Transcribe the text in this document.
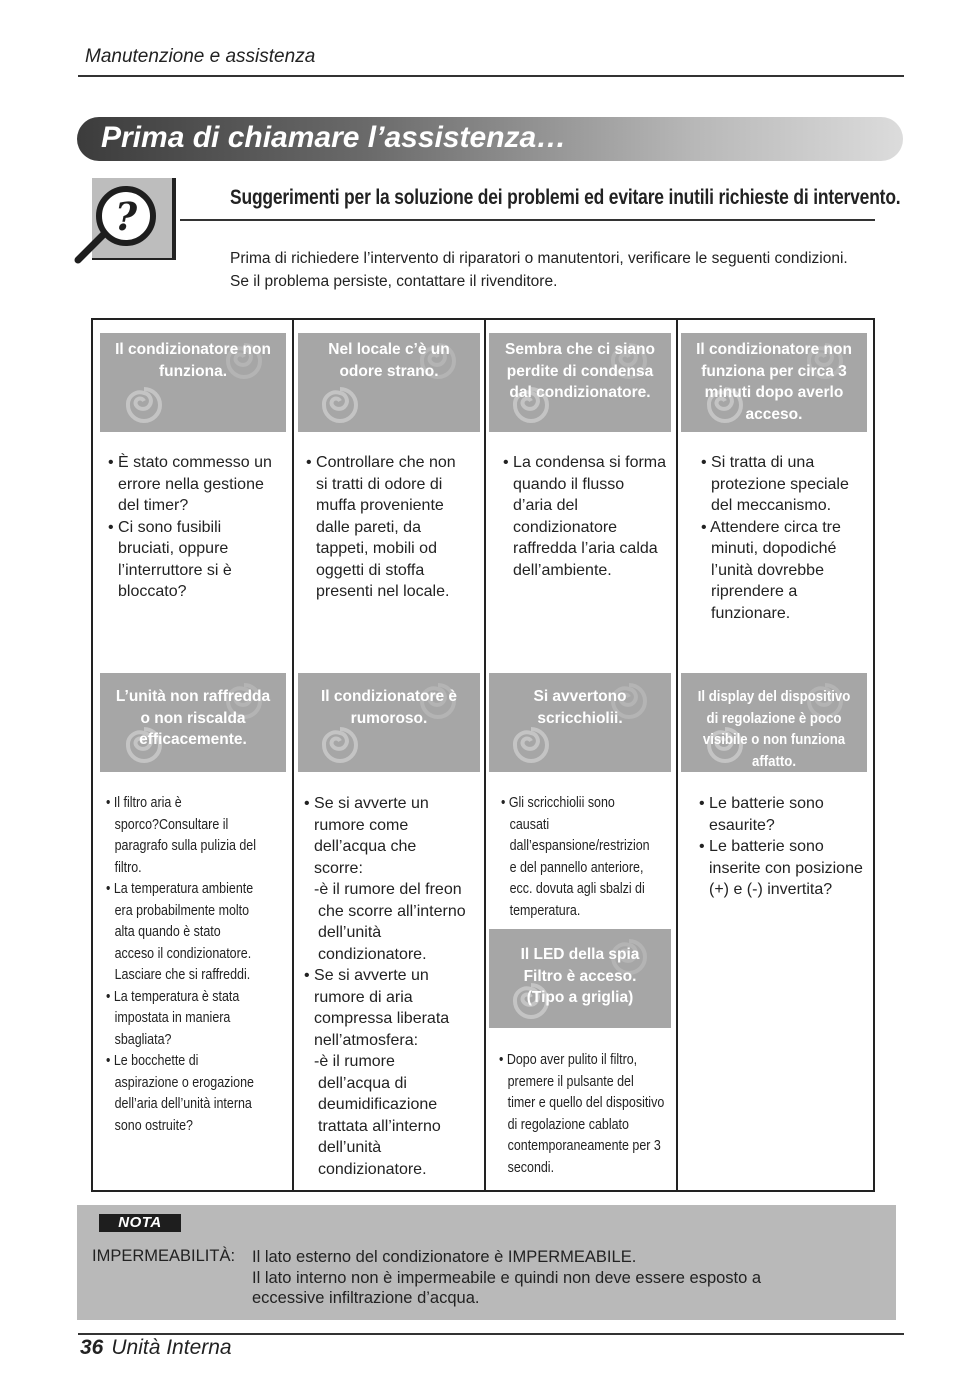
Manutenzione e assistenza
Prima di chiamare l’assistenza…
?	Suggerimenti per la soluzione dei problemi ed evitare inutili richieste di intervento.

Prima di richiedere l’intervento di riparatori o manutentori, verificare le seguenti condizioni.

Se il problema persiste, contattare il rivenditore.

Il condizionatore non
funziona.
Nel locale c’è un
odore strano.
Sembra che ci siano
perdite di condensa
dal condizionatore.
Il condizionatore non
funziona per circa 3
minuti dopo averlo
acceso.

• È stato commesso un

errore nella gestione

del timer?

• Ci sono fusibili

bruciati, oppure

l’interruttore si è

bloccato?

• Controllare che non

si tratti di odore di

muffa proveniente

dalle pareti, da

tappeti, mobili od

oggetti di stoffa

presenti nel locale.

• La condensa si forma

quando il flusso

d’aria del

condizionatore

raffredda l’aria calda

dell’ambiente.

• Si tratta di una

protezione speciale

del meccanismo.

• Attendere circa tre

minuti, dopodiché

l’unità dovrebbe

riprendere a

funzionare.

L’unità non raffredda
o non riscalda
efficacemente.
Il condizionatore è
rumoroso.
Si avvertono
scricchiolii.
Il display del dispositivo
di regolazione è poco
visibile o non funziona
affatto.

• Il filtro aria è

sporco?Consultare il

paragrafo sulla pulizia del

filtro.

• La temperatura ambiente

era probabilmente molto

alta quando è stato

acceso il condizionatore.

Lasciare che si raffreddi.

• La temperatura è stata

impostata in maniera

sbagliata?

• Le bocchette di

aspirazione o erogazione

dell’aria dell’unità interna

sono ostruite?

• Se si avverte un

rumore come

dell’acqua che

scorre:

-è il rumore del freon

che scorre all’interno

dell’unità

condizionatore.

• Se si avverte un

rumore di aria

compressa liberata

nell’atmosfera:

-è il rumore

dell’acqua di

deumidificazione

trattata all’interno

dell’unità

condizionatore.

• Gli scricchiolii sono

causati

dall’espansione/restrizion

e del pannello anteriore,

ecc. dovuta agli sbalzi di

temperatura.

• Le batterie sono

esaurite?

• Le batterie sono

inserite con posizione

(+) e (-) invertita?

Il LED della spia
Filtro è acceso.
(Tipo a griglia)

• Dopo aver pulito il filtro,

premere il pulsante del

timer e quello del dispositivo

di regolazione cablato

contemporaneamente per 3

secondi.

NOTA
IMPERMEABILITÀ: Il lato esterno del condizionatore è IMPERMEABILE.

Il lato interno non è impermeabile e quindi non deve essere esposto a

eccessive infiltrazione d’acqua.

36 Unità Interna
